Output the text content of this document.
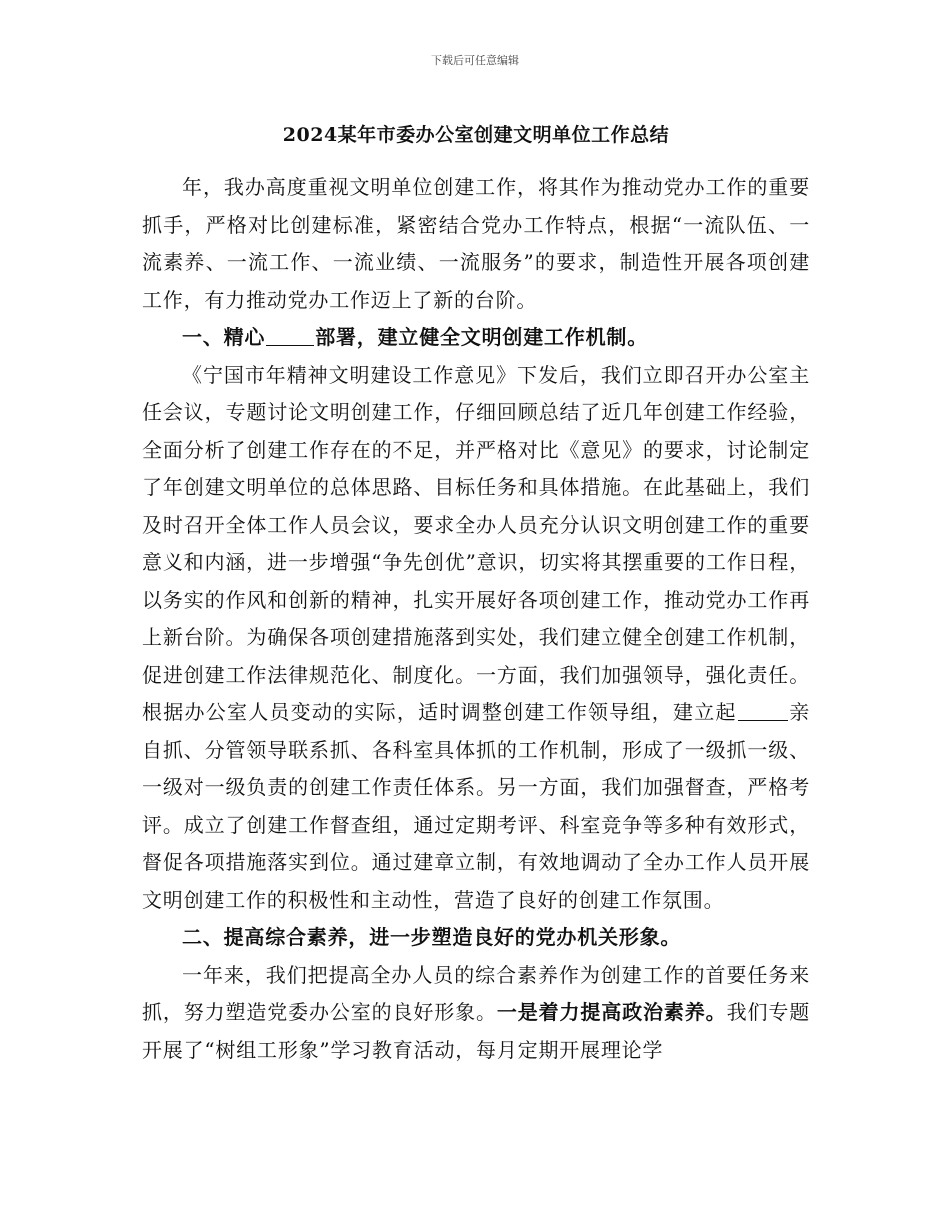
下载后可任意编辑
2024某年市委办公室创建文明单位工作总结

年，我办高度重视文明单位创建工作，将其作为推动党办工作的重要抓手，严格对比创建标准，紧密结合党办工作特点，根据“一流队伍、一流素养、一流工作、一流业绩、一流服务”的要求，制造性开展各项创建工作，有力推动党办工作迈上了新的台阶。

一、精心	部署，建立健全文明创建工作机制。

《宁国市年精神文明建设工作意见》下发后，我们立即召开办公室主任会议，专题讨论文明创建工作，仔细回顾总结了近几年创建工作经验，全面分析了创建工作存在的不足，并严格对比《意见》的要求，讨论制定了年创建文明单位的总体思路、目标任务和具体措施。在此基础上，我们及时召开全体工作人员会议，要求全办人员充分认识文明创建工作的重要意义和内涵，进一步增强“争先创优”意识，切实将其摆重要的工作日程，以务实的作风和创新的精神，扎实开展好各项创建工作，推动党办工作再上新台阶。为确保各项创建措施落到实处，我们建立健全创建工作机制，促进创建工作法律规范化、制度化。一方面，我们加强领导，强化责任。根据办公室人员变动的实际，适时调整创建工作领导组，建立起	亲自抓、分管领导联系抓、各科室具体抓的工作机制，形成了一级抓一级、一级对一级负责的创建工作责任体系。另一方面，我们加强督查，严格考评。成立了创建工作督查组，通过定期考评、科室竞争等多种有效形式，督促各项措施落实到位。通过建章立制，有效地调动了全办工作人员开展文明创建工作的积极性和主动性，营造了良好的创建工作氛围。

二、提高综合素养，进一步塑造良好的党办机关形象。

一年来，我们把提高全办人员的综合素养作为创建工作的首要任务来抓，努力塑造党委办公室的良好形象。一是着力提高政治素养。我们专题开展了“树组工形象”学习教育活动，每月定期开展理论学
